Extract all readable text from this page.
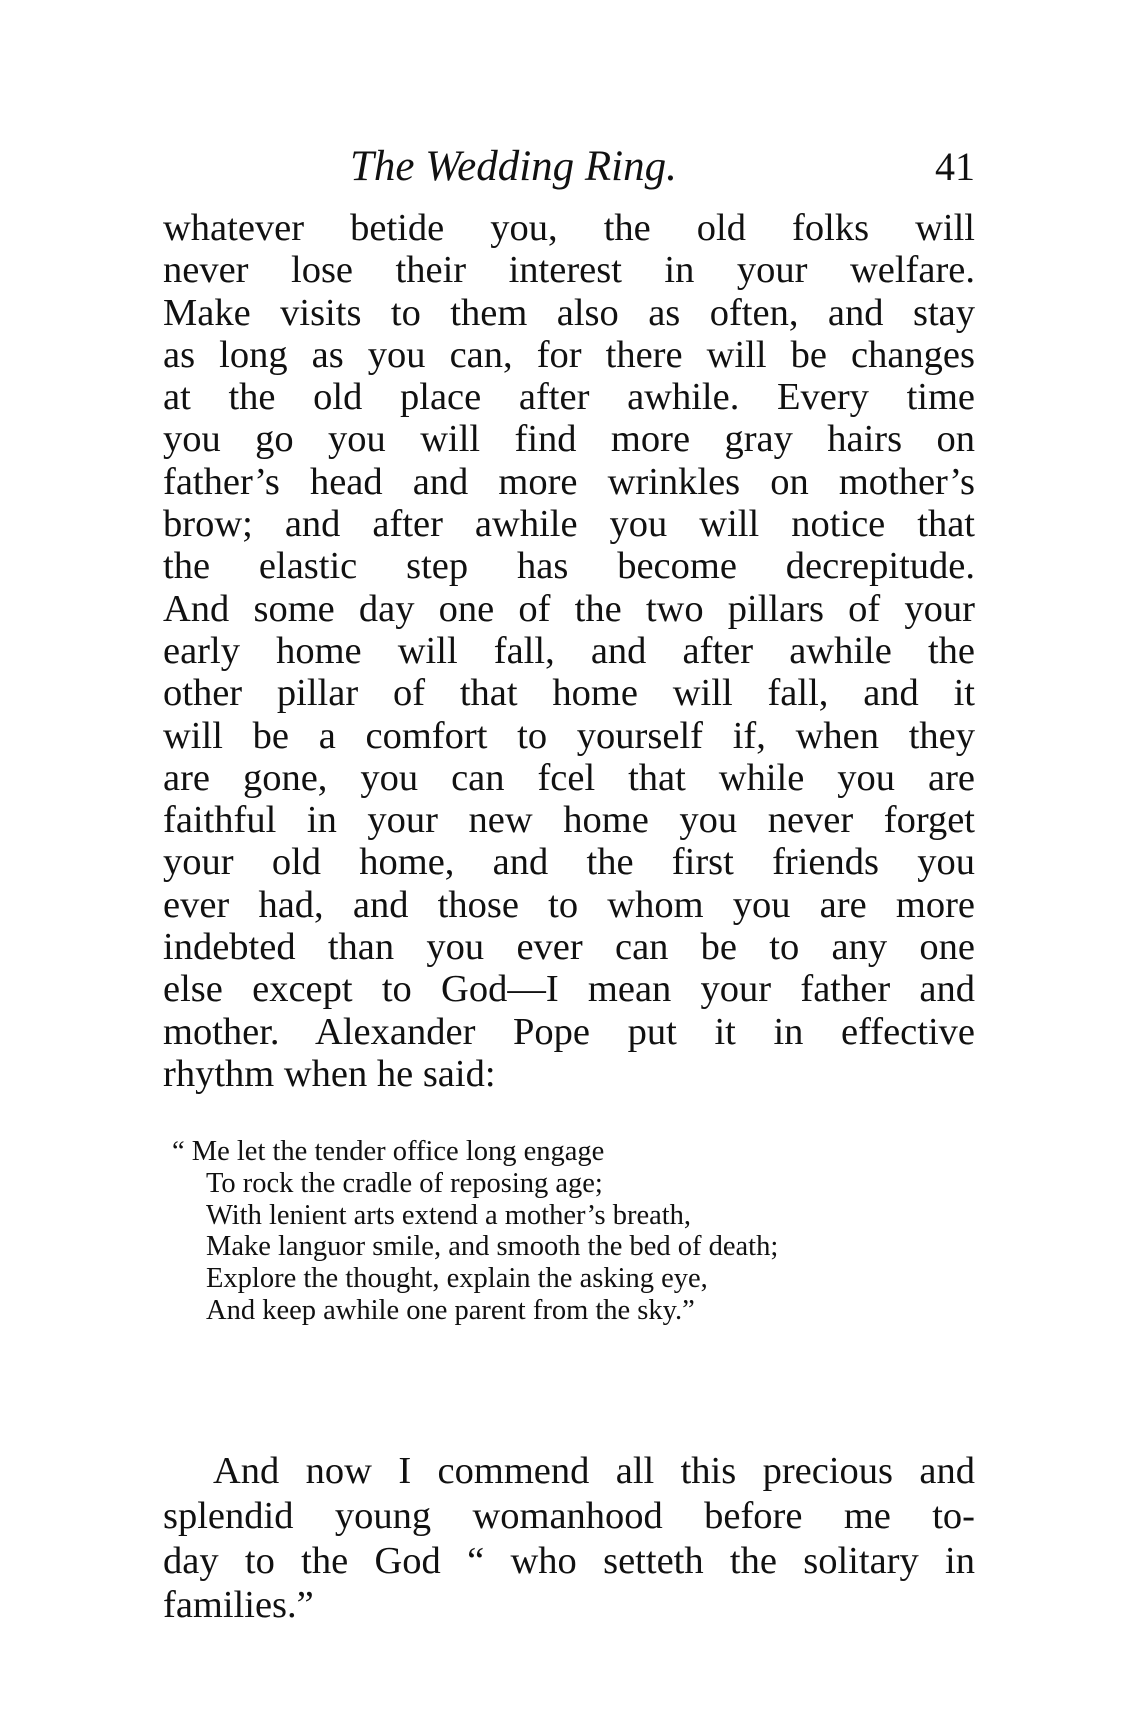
The Wedding Ring.	41
whatever betide you, the old folks will
never lose their interest in your welfare.
Make visits to them also as often, and stay
as long as you can, for there will be changes
at the old place after awhile. Every time
you go you will find more gray hairs on
father’s head and more wrinkles on mother’s
brow; and after awhile you will notice that
the elastic step has become decrepitude.
And some day one of the two pillars of your
early home will fall, and after awhile the
other pillar of that home will fall, and it
will be a comfort to yourself if, when they
are gone, you can fcel that while you are
faithful in your new home you never forget
your old home, and the first friends you
ever had, and those to whom you are more
indebted than you ever can be to any one
else except to God—I mean your father and
mother. Alexander Pope put it in effective
rhythm when he said:
“ Me let the tender office long engage
To rock the cradle of reposing age;
With lenient arts extend a mother’s breath,
Make languor smile, and smooth the bed of death;
Explore the thought, explain the asking eye,
And keep awhile one parent from the sky.”
And now I commend all this precious and
splendid young womanhood before me to-
day to the God “ who setteth the solitary in
families.”
